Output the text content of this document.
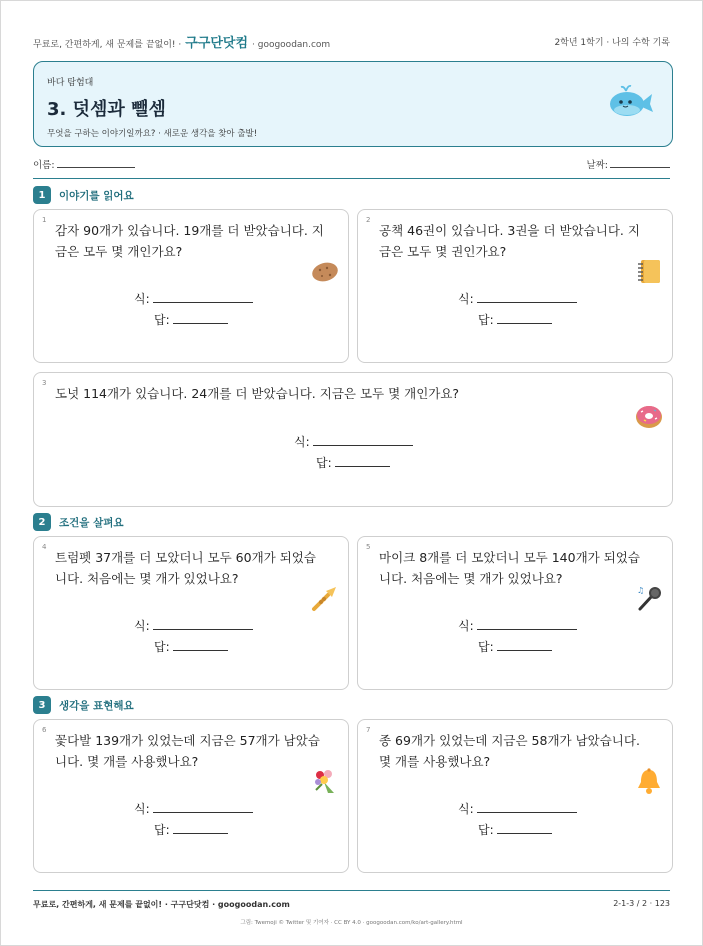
무료로, 간편하게, 새 문제를 끝없이! · 구구단닷컴 · googoodan.com	2학년 1학기 · 나의 수학 기록
바다 탐험대
3. 덧셈과 뺄셈
무엇을 구하는 이야기일까요? · 새로운 생각을 찾아 출발!
이름:	날짜:
1	이야기를 읽어요
1
감자 90개가 있습니다. 19개를 더 받았습니다. 지금은 모두 몇 개인가요?
식:
답:
2
공책 46권이 있습니다. 3권을 더 받았습니다. 지금은 모두 몇 권인가요?
식:
답:
3
도넛 114개가 있습니다. 24개를 더 받았습니다. 지금은 모두 몇 개인가요?
식:
답:
2	조건을 살펴요
4
트럼펫 37개를 더 모았더니 모두 60개가 되었습니다. 처음에는 몇 개가 있었나요?
식:
답:
5
마이크 8개를 더 모았더니 모두 140개가 되었습니다. 처음에는 몇 개가 있었나요?
♫
식:
답:
3	생각을 표현해요
6
꽃다발 139개가 있었는데 지금은 57개가 남았습니다. 몇 개를 사용했나요?
식:
답:
7
종 69개가 있었는데 지금은 58개가 남았습니다. 몇 개를 사용했나요?
식:
답:
무료로, 간편하게, 새 문제를 끝없이! · 구구단닷컴 · googoodan.com	2-1-3 / 2 · 123
그림: Twemoji © Twitter 및 기여자 · CC BY 4.0 · googoodan.com/ko/art-gallery.html
